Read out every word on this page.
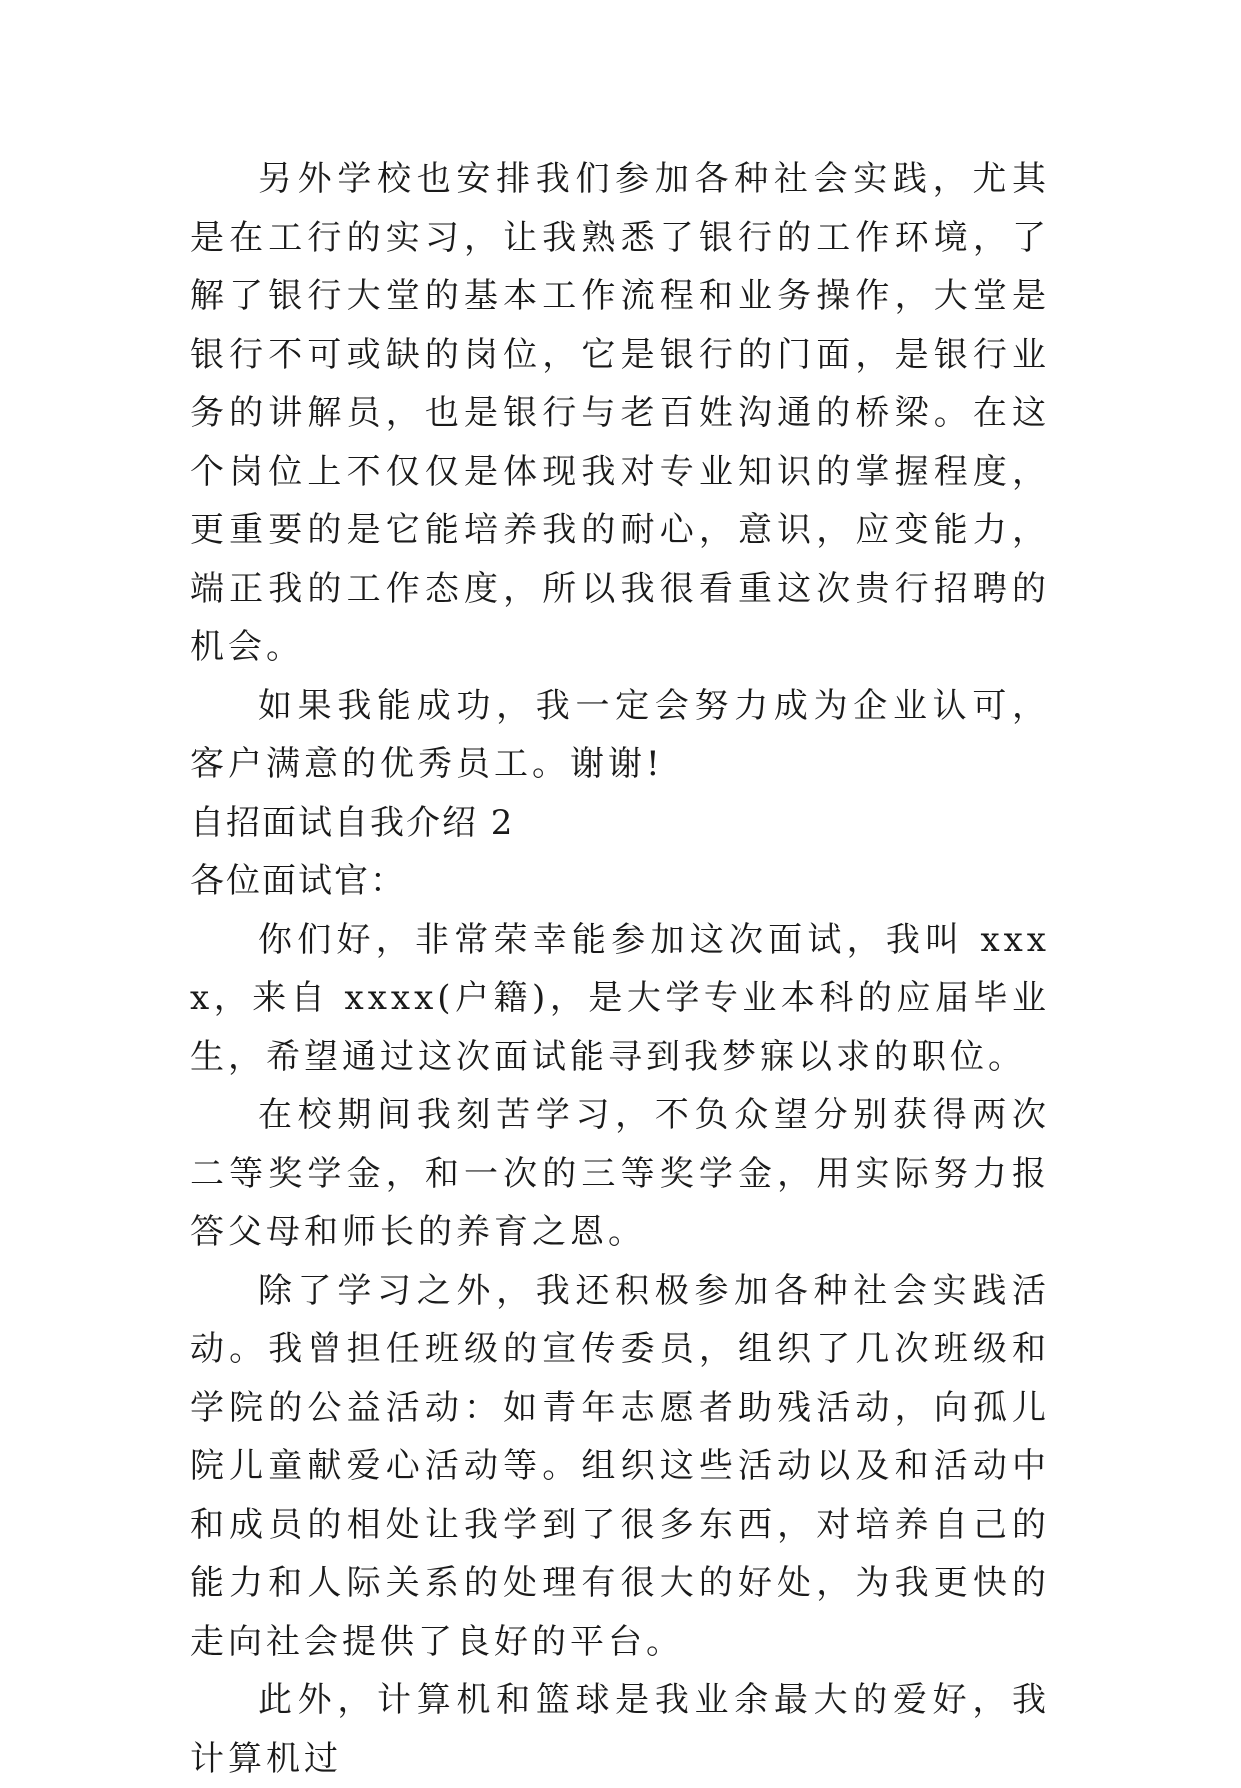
另外学校也安排我们参加各种社会实践，尤其是在工行的实习，让我熟悉了银行的工作环境，了解了银行大堂的基本工作流程和业务操作，大堂是银行不可或缺的岗位，它是银行的门面，是银行业务的讲解员，也是银行与老百姓沟通的桥梁。在这个岗位上不仅仅是体现我对专业知识的掌握程度，更重要的是它能培养我的耐心，意识，应变能力，端正我的工作态度，所以我很看重这次贵行招聘的机会。

如果我能成功，我一定会努力成为企业认可，客户满意的优秀员工。谢谢!

自招面试自我介绍 2

各位面试官：

你们好，非常荣幸能参加这次面试，我叫 xxxx，来自 xxxx(户籍)，是大学专业本科的应届毕业生，希望通过这次面试能寻到我梦寐以求的职位。

在校期间我刻苦学习，不负众望分别获得两次二等奖学金，和一次的三等奖学金，用实际努力报答父母和师长的养育之恩。

除了学习之外，我还积极参加各种社会实践活动。我曾担任班级的宣传委员，组织了几次班级和学院的公益活动：如青年志愿者助残活动，向孤儿院儿童献爱心活动等。组织这些活动以及和活动中和成员的相处让我学到了很多东西，对培养自己的能力和人际关系的处理有很大的好处，为我更快的走向社会提供了良好的平台。

此外，计算机和篮球是我业余最大的爱好，我计算机过
